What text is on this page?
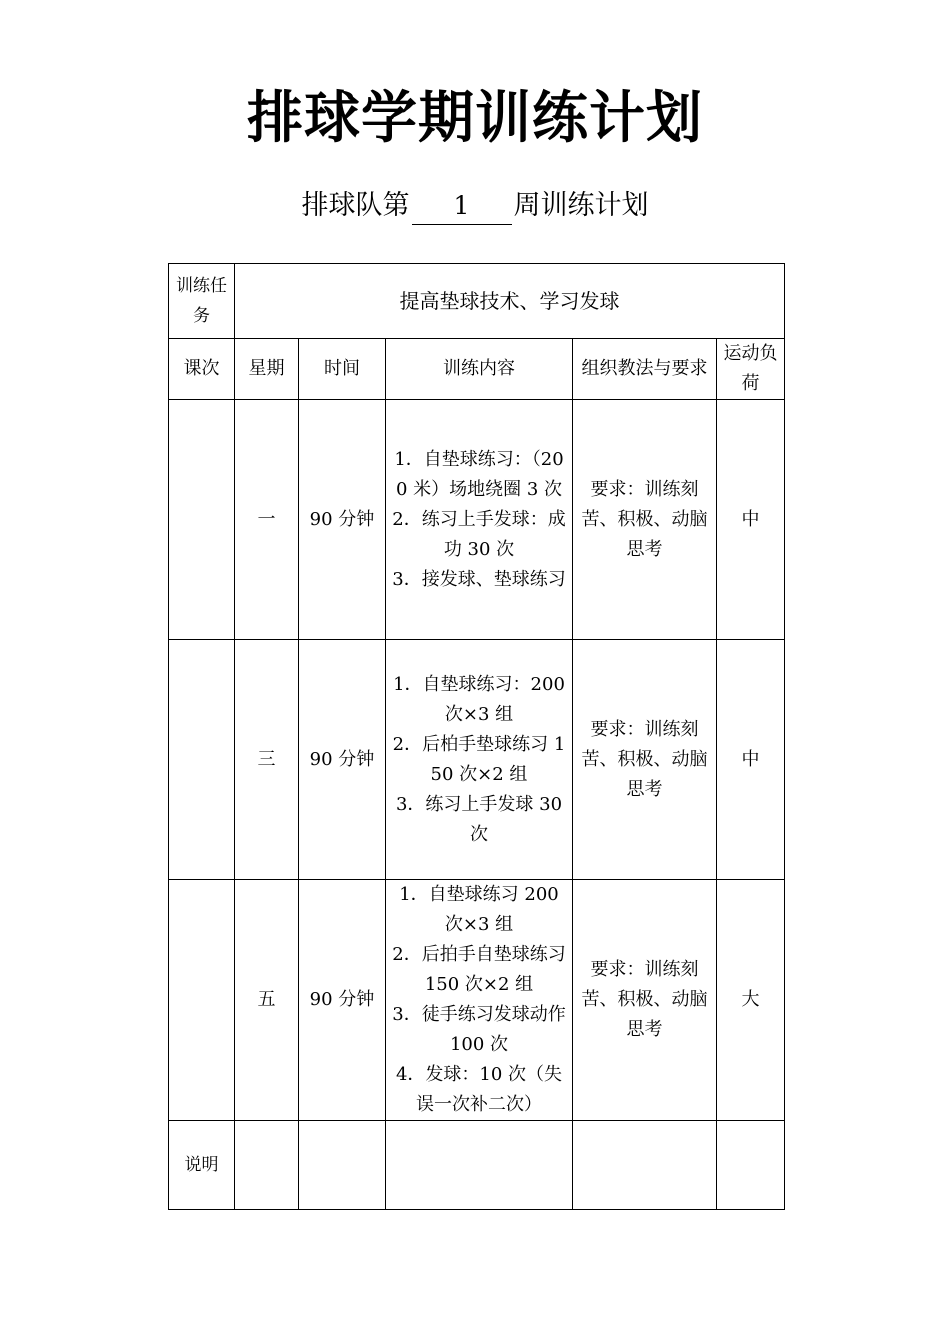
排球学期训练计划
排球队第 1 周训练计划
训练任务	提高垫球技术、学习发球				
课次	星期	时间	训练内容	组织教法与要求	运动负荷
	一	90 分钟	1．自垫球练习：（200 米）场地绕圈 3 次
2．练习上手发球：成功 30 次
3．接发球、垫球练习	要求：训练刻苦、积极、动脑思考	中
	三	90 分钟	1．自垫球练习：200 次×3 组
2．后柏手垫球练习 150 次×2 组
3．练习上手发球 30 次	要求：训练刻苦、积极、动脑思考	中
	五	90 分钟	1．自垫球练习 200 次×3 组
2．后拍手自垫球练习 150 次×2 组
3．徒手练习发球动作 100 次
4．发球：10 次（失误一次补二次）	要求：训练刻苦、积极、动脑思考	大
说明					
